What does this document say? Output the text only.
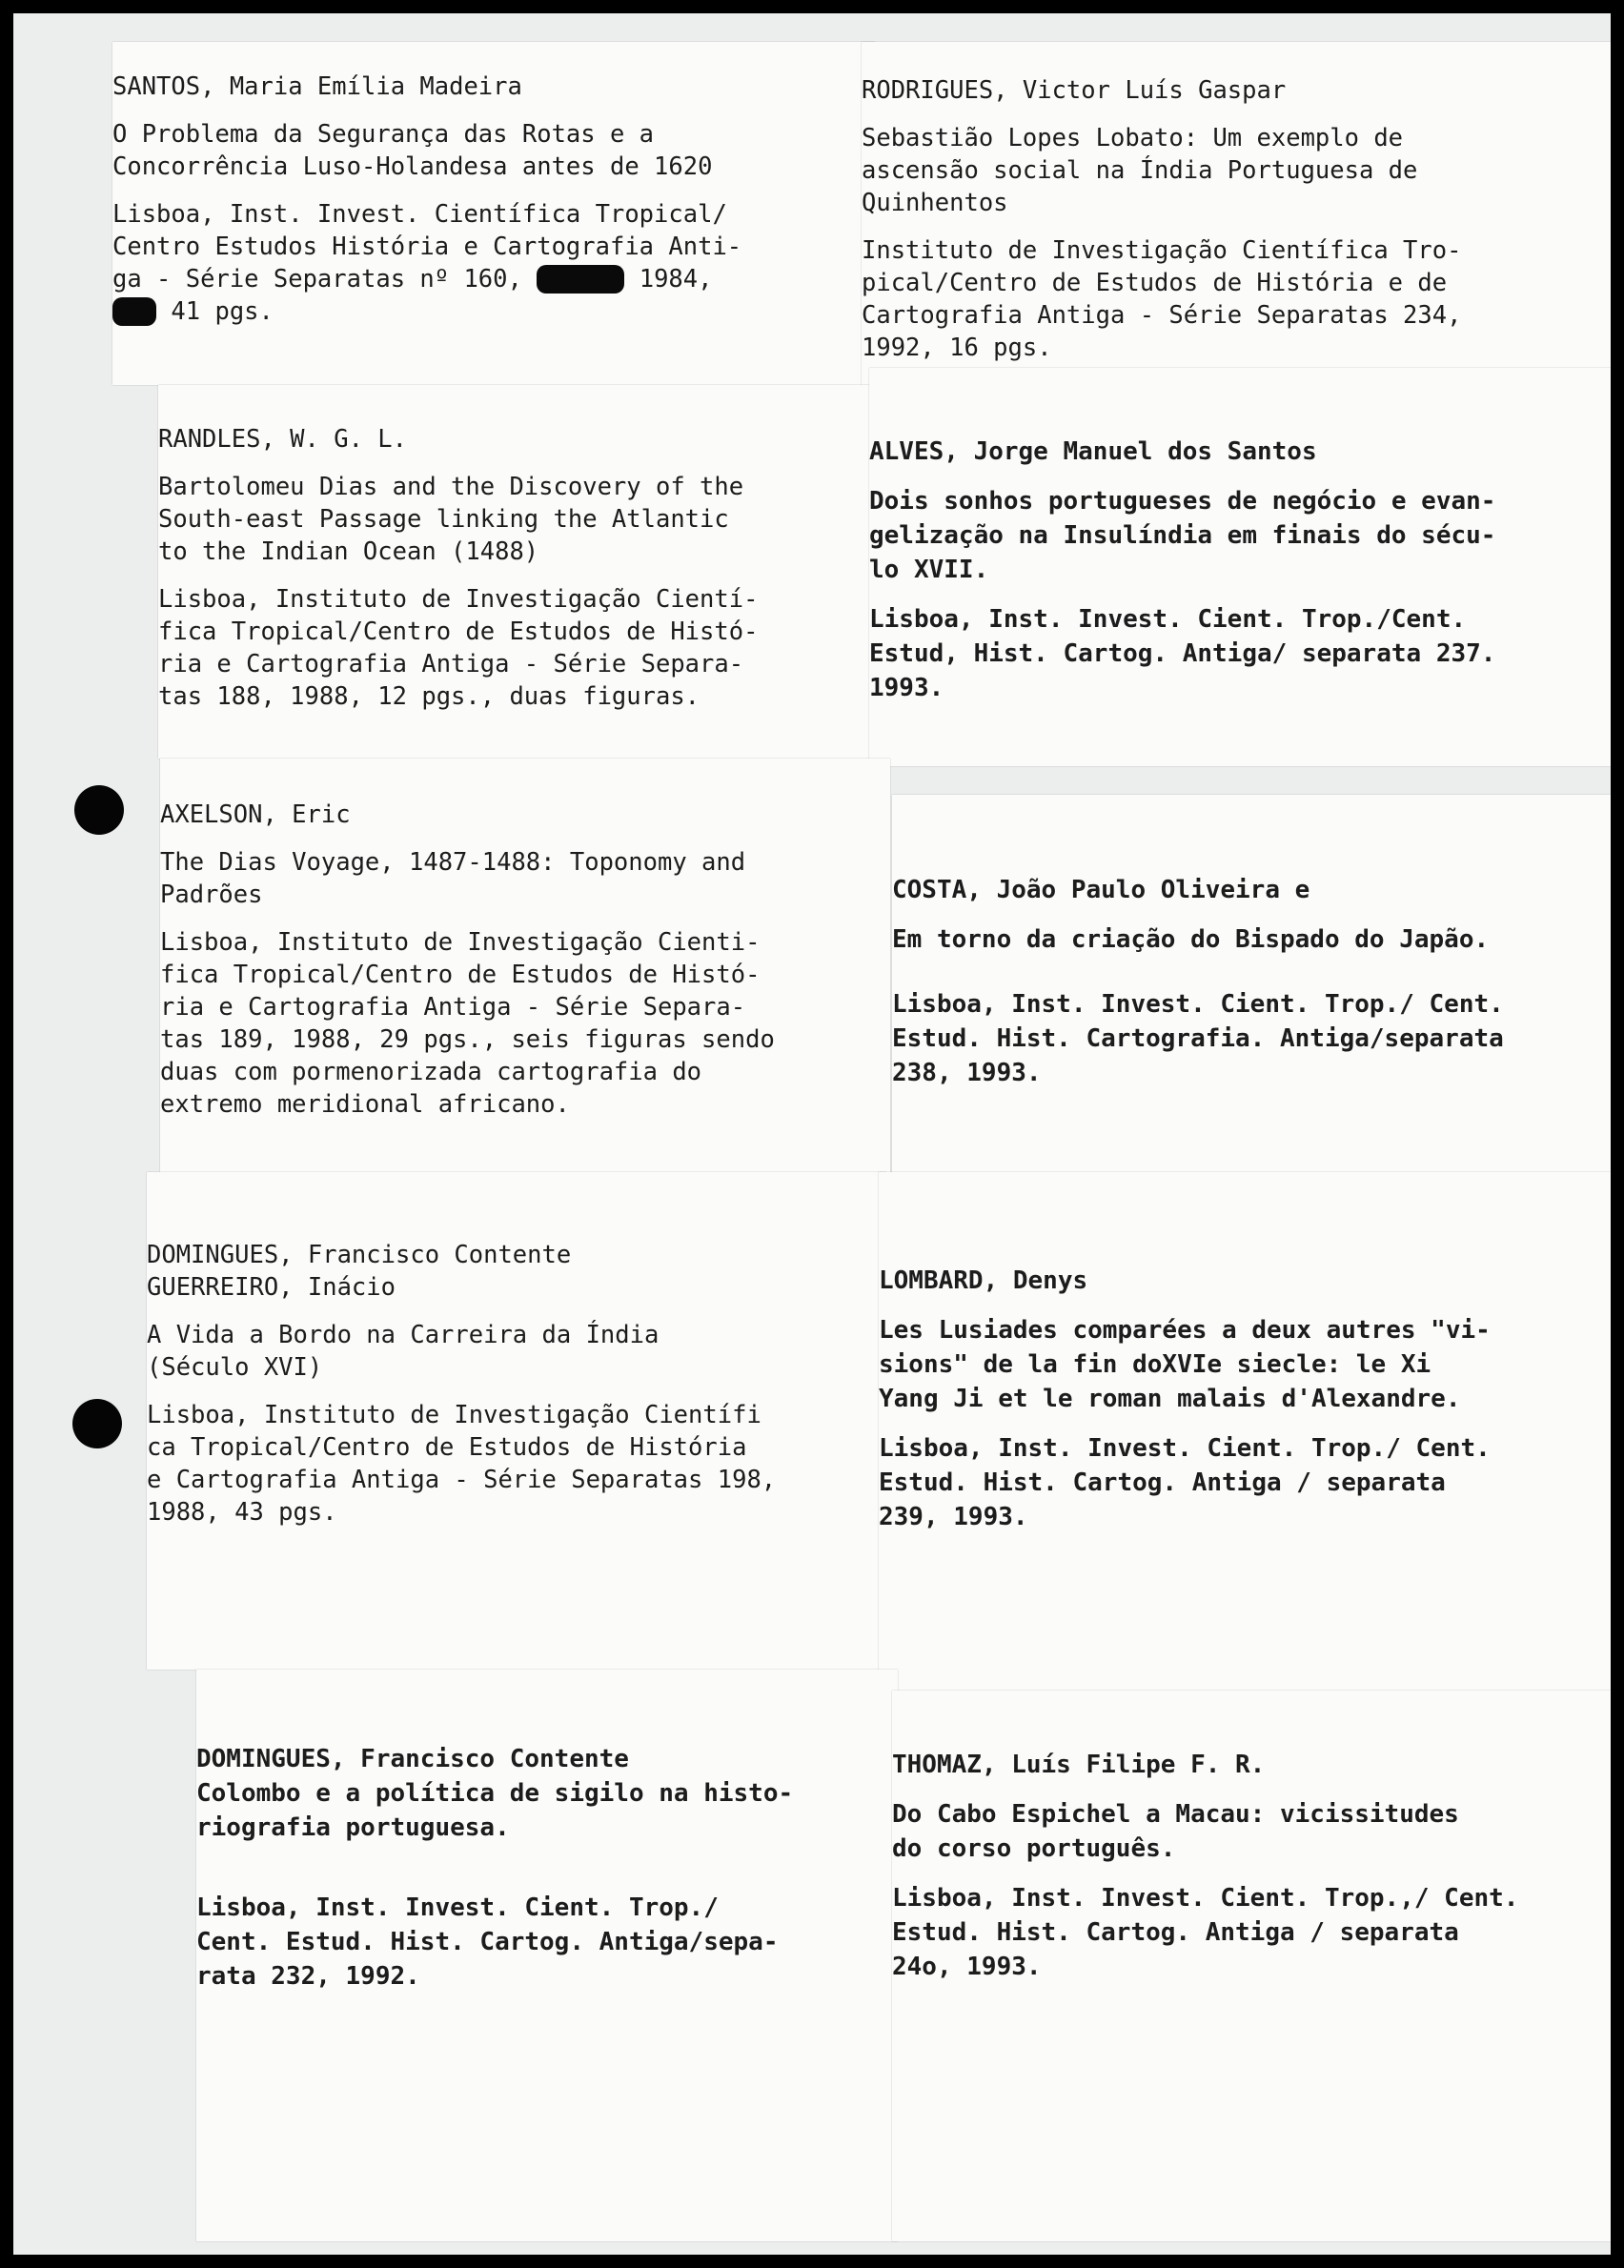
SANTOS, Maria Emília Madeira

O Problema da Segurança das Rotas e a

Concorrência Luso-Holandesa antes de 1620

Lisboa, Inst. Invest. Científica Tropical/

Centro Estudos História e Cartografia Anti-

ga - Série Separatas nº 160,	1984,

41 pgs.

RODRIGUES, Victor Luís Gaspar

Sebastião Lopes Lobato: Um exemplo de

ascensão social na Índia Portuguesa de

Quinhentos

Instituto de Investigação Científica Tro-

pical/Centro de Estudos de História e de

Cartografia Antiga - Série Separatas 234,

1992, 16 pgs.

RANDLES, W. G. L.

Bartolomeu Dias and the Discovery of the

South-east Passage linking the Atlantic

to the Indian Ocean (1488)

Lisboa, Instituto de Investigação Cientí-

fica Tropical/Centro de Estudos de Histó-

ria e Cartografia Antiga - Série Separa-

tas 188, 1988, 12 pgs., duas figuras.

ALVES, Jorge Manuel dos Santos

Dois sonhos portugueses de negócio e evan-

gelização na Insulíndia em finais do sécu-

lo XVII.

Lisboa, Inst. Invest. Cient. Trop./Cent.

Estud, Hist. Cartog. Antiga/ separata 237.

1993.

AXELSON, Eric

The Dias Voyage, 1487-1488: Toponomy and

Padrões

Lisboa, Instituto de Investigação Cienti-

fica Tropical/Centro de Estudos de Histó-

ria e Cartografia Antiga - Série Separa-

tas 189, 1988, 29 pgs., seis figuras sendo

duas com pormenorizada cartografia do

extremo meridional africano.

COSTA, João Paulo Oliveira e

Em torno da criação do Bispado do Japão.

Lisboa, Inst. Invest. Cient. Trop./ Cent.

Estud. Hist. Cartografia. Antiga/separata

238, 1993.

DOMINGUES, Francisco Contente

GUERREIRO, Inácio

A Vida a Bordo na Carreira da Índia

(Século XVI)

Lisboa, Instituto de Investigação Científi

ca Tropical/Centro de Estudos de História

e Cartografia Antiga - Série Separatas 198,

1988, 43 pgs.

LOMBARD, Denys

Les Lusiades comparées a deux autres "vi-

sions" de la fin doXVIe siecle: le Xi

Yang Ji et le roman malais d'Alexandre.

Lisboa, Inst. Invest. Cient. Trop./ Cent.

Estud. Hist. Cartog. Antiga / separata

239, 1993.

DOMINGUES, Francisco Contente

Colombo e a política de sigilo na histo-

riografia portuguesa.

Lisboa, Inst. Invest. Cient. Trop./

Cent. Estud. Hist. Cartog. Antiga/sepa-

rata 232, 1992.

THOMAZ, Luís Filipe F. R.

Do Cabo Espichel a Macau: vicissitudes

do corso português.

Lisboa, Inst. Invest. Cient. Trop.,/ Cent.

Estud. Hist. Cartog. Antiga / separata

24o, 1993.
